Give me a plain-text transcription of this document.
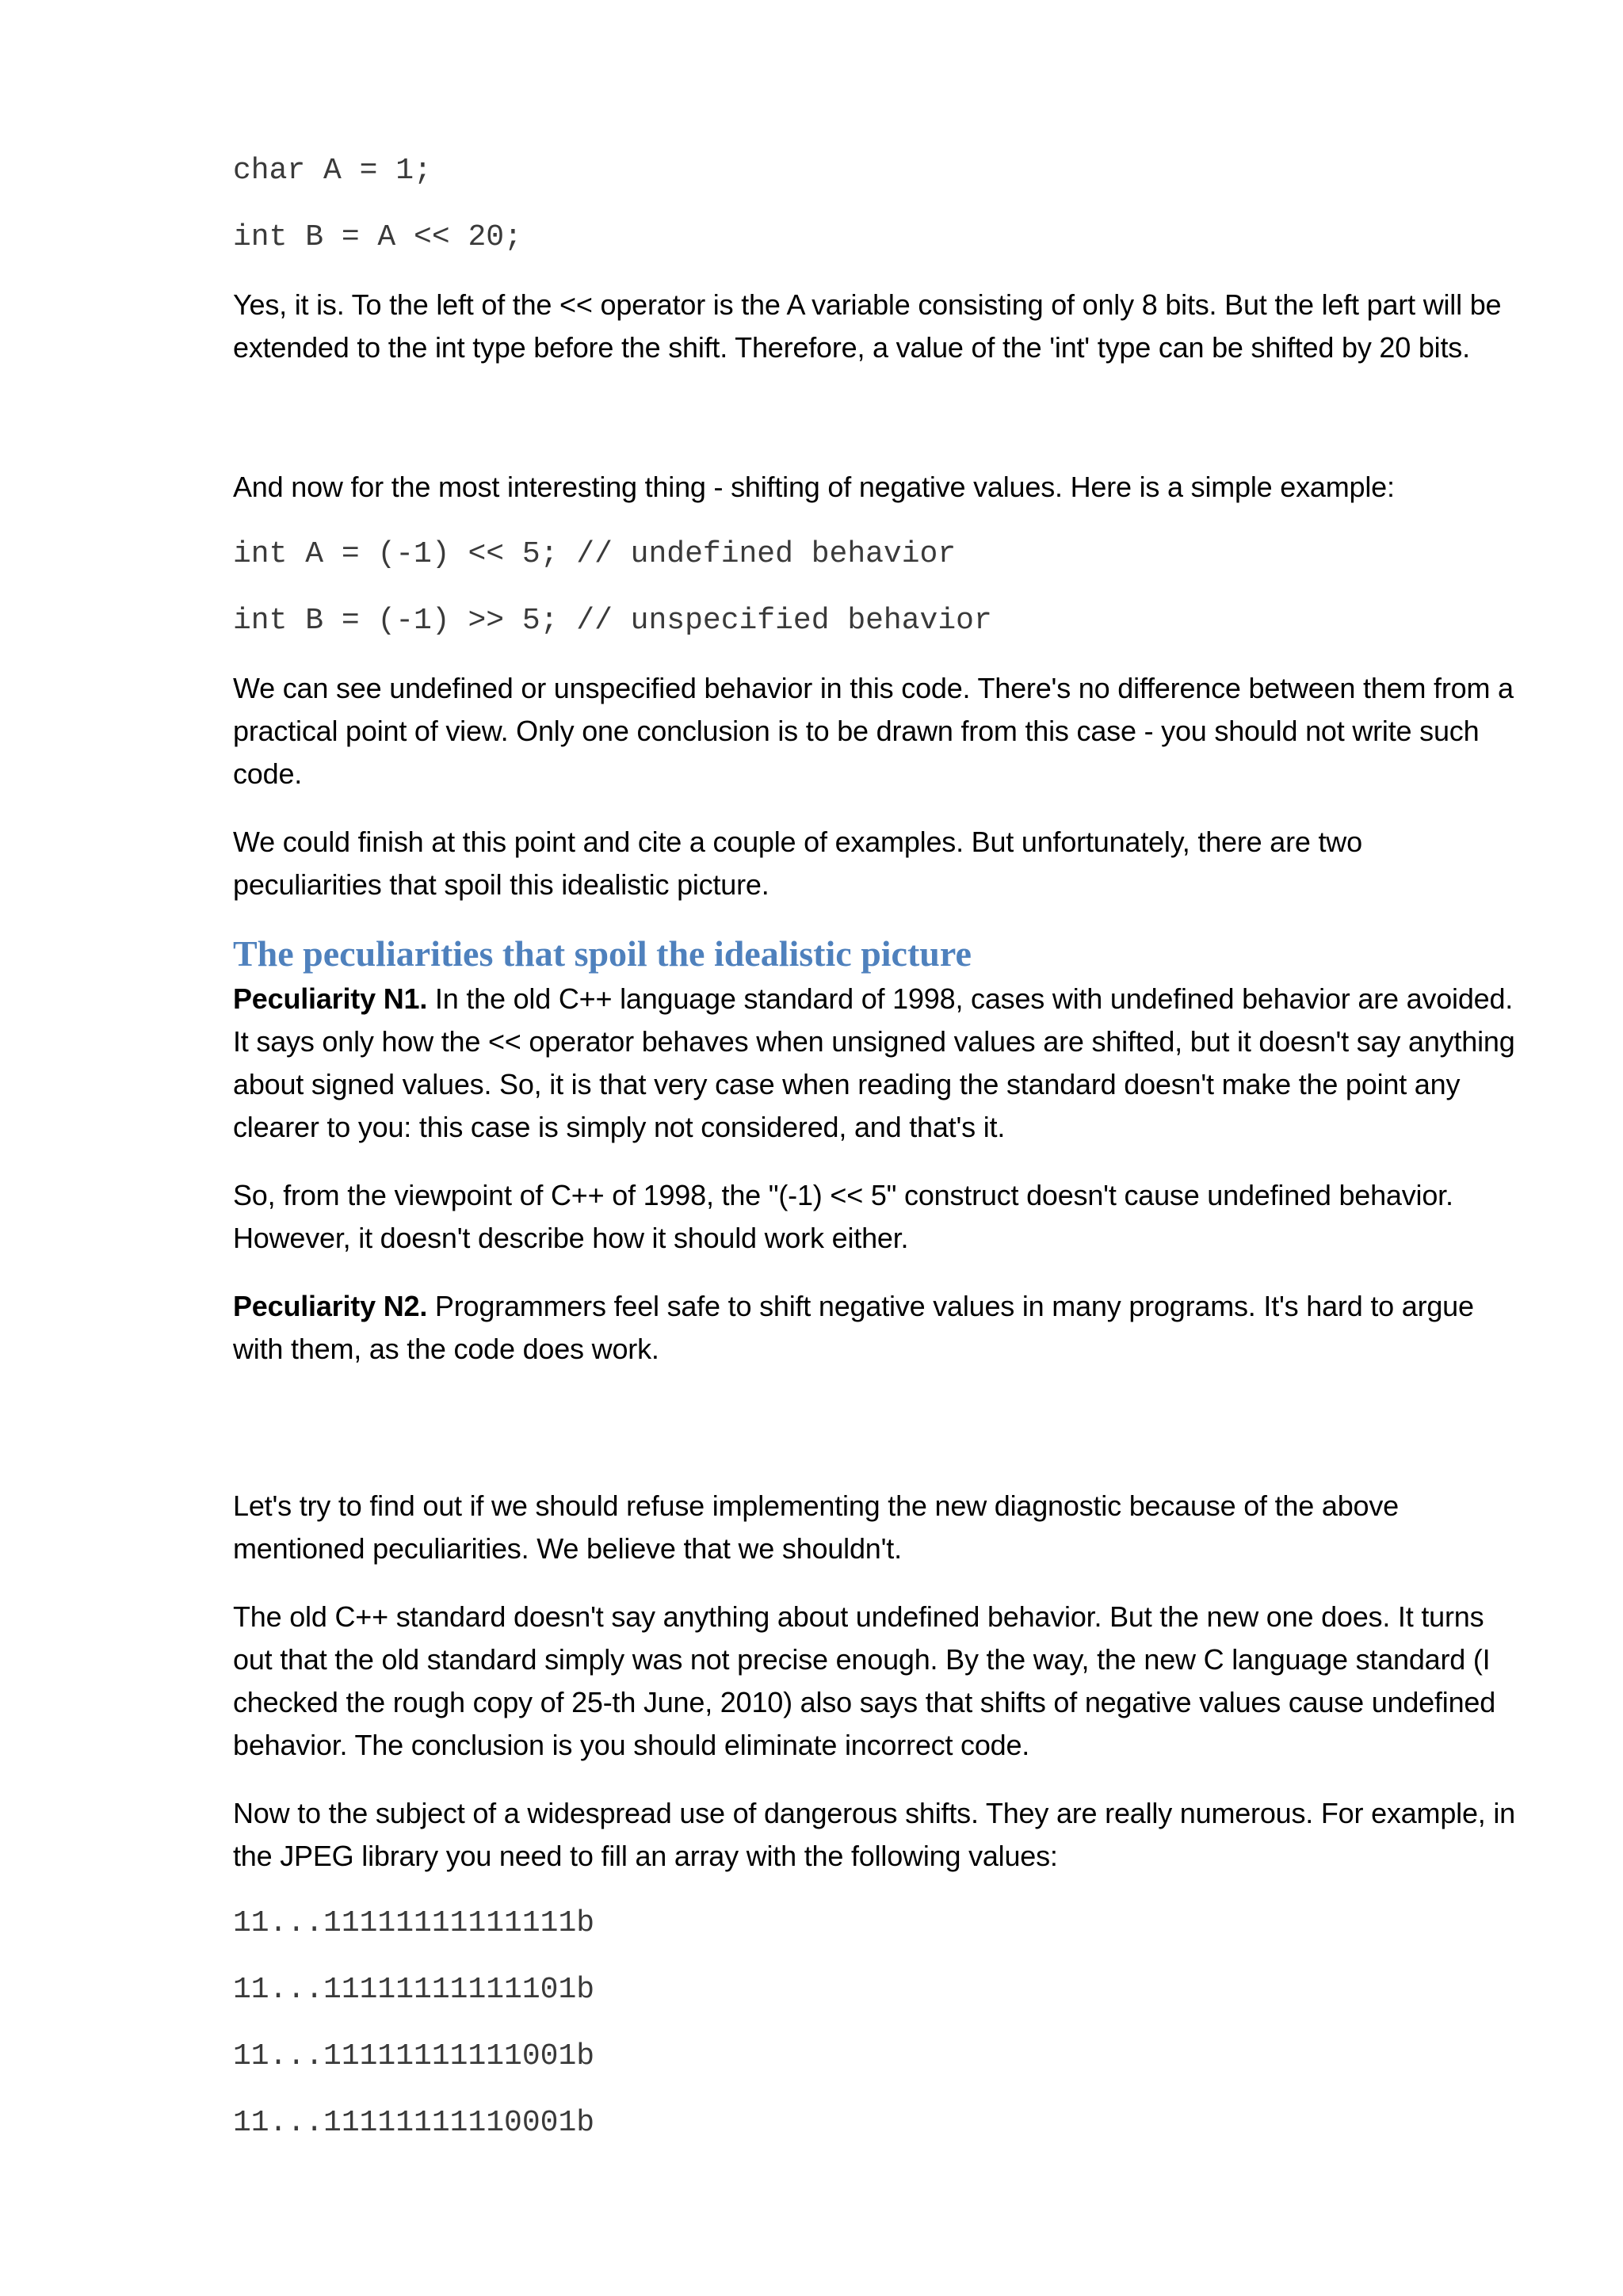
char A = 1;
int B = A << 20;

Yes, it is. To the left of the << operator is the A variable consisting of only 8 bits. But the left part will be extended to the int type before the shift. Therefore, a value of the 'int' type can be shifted by 20 bits.

And now for the most interesting thing - shifting of negative values. Here is a simple example:

int A = (-1) << 5; // undefined behavior
int B = (-1) >> 5; // unspecified behavior

We can see undefined or unspecified behavior in this code. There's no difference between them from a practical point of view. Only one conclusion is to be drawn from this case - you should not write such code.

We could finish at this point and cite a couple of examples. But unfortunately, there are two peculiarities that spoil this idealistic picture.

The peculiarities that spoil the idealistic picture

Peculiarity N1. In the old C++ language standard of 1998, cases with undefined behavior are avoided. It says only how the << operator behaves when unsigned values are shifted, but it doesn't say anything about signed values. So, it is that very case when reading the standard doesn't make the point any clearer to you: this case is simply not considered, and that's it.

So, from the viewpoint of C++ of 1998, the "(-1) << 5" construct doesn't cause undefined behavior. However, it doesn't describe how it should work either.

Peculiarity N2. Programmers feel safe to shift negative values in many programs. It's hard to argue with them, as the code does work.

Let's try to find out if we should refuse implementing the new diagnostic because of the above mentioned peculiarities. We believe that we shouldn't.

The old C++ standard doesn't say anything about undefined behavior. But the new one does. It turns out that the old standard simply was not precise enough. By the way, the new C language standard (I checked the rough copy of 25-th June, 2010) also says that shifts of negative values cause undefined behavior. The conclusion is you should eliminate incorrect code.

Now to the subject of a widespread use of dangerous shifts. They are really numerous. For example, in the JPEG library you need to fill an array with the following values:

11...11111111111111b
11...11111111111101b
11...11111111111001b
11...11111111110001b
